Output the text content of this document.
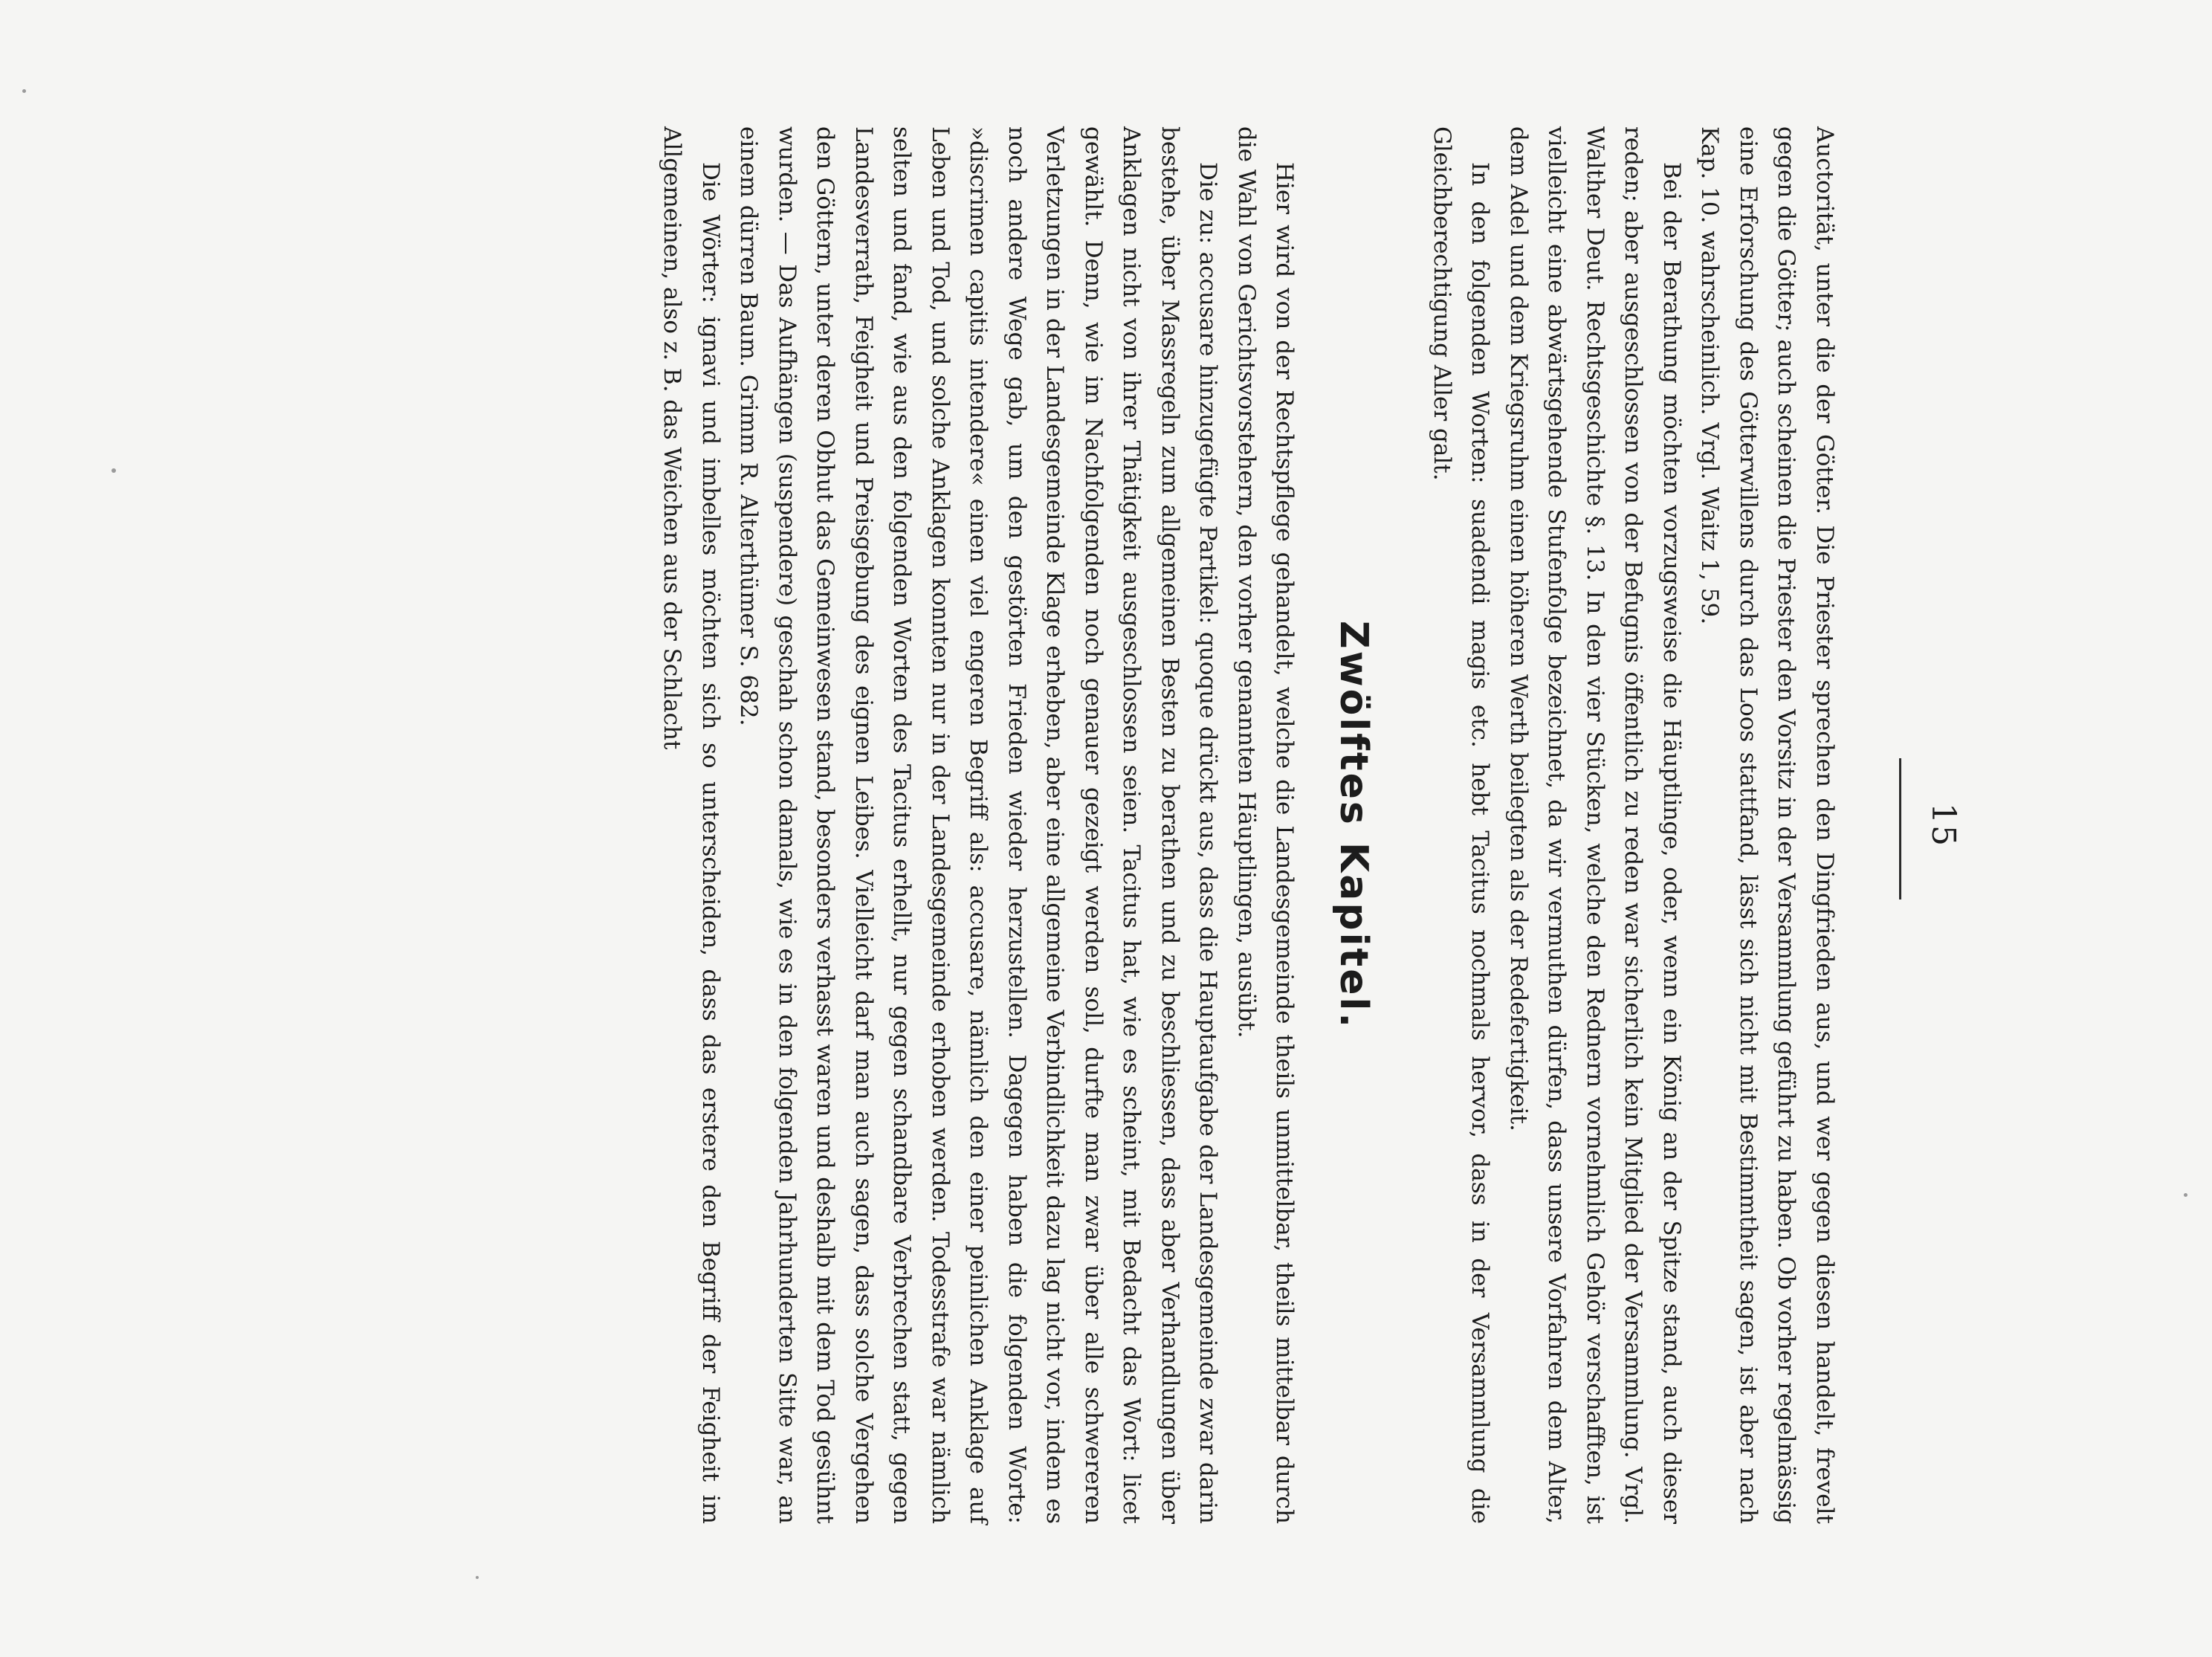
15

Auctorität, unter die der Götter. Die Priester sprechen den Dingfrieden aus, und wer gegen diesen handelt, frevelt gegen die Götter; auch scheinen die Priester den Vorsitz in der Versammlung geführt zu haben. Ob vorher regelmässig eine Erforschung des Götterwillens durch das Loos stattfand, lässt sich nicht mit Bestimmtheit sagen, ist aber nach Kap. 10. wahrscheinlich. Vrgl. Waitz 1, 59.

Bei der Berathung möchten vorzugsweise die Häuptlinge, oder, wenn ein König an der Spitze stand, auch dieser reden; aber ausgeschlossen von der Befugnis öffentlich zu reden war sicherlich kein Mitglied der Versammlung. Vrgl. Walther Deut. Rechtsgeschichte §. 13. In den vier Stücken, welche den Rednern vornehmlich Gehör verschafften, ist vielleicht eine abwärtsgehende Stufenfolge bezeichnet, da wir vermuthen dürfen, dass unsere Vorfahren dem Alter, dem Adel und dem Kriegsruhm einen höheren Werth beilegten als der Redefertigkeit.

In den folgenden Worten: suadendi magis etc. hebt Tacitus nochmals hervor, dass in der Versammlung die Gleichberechtigung Aller galt.

Zwölftes Kapitel.

Hier wird von der Rechtspflege gehandelt, welche die Landesgemeinde theils unmittelbar, theils mittelbar durch die Wahl von Gerichtsvorstehern, den vorher genannten Häuptlingen, ausübt.

Die zu: accusare hinzugefügte Partikel: quoque drückt aus, dass die Hauptaufgabe der Landesgemeinde zwar darin bestehe, über Massregeln zum allgemeinen Besten zu berathen und zu beschliessen, dass aber Verhandlungen über Anklagen nicht von ihrer Thätigkeit ausgeschlossen seien. Tacitus hat, wie es scheint, mit Bedacht das Wort: licet gewählt. Denn, wie im Nachfolgenden noch genauer gezeigt werden soll, durfte man zwar über alle schwereren Verletzungen in der Landesgemeinde Klage erheben, aber eine allgemeine Verbindlichkeit dazu lag nicht vor, indem es noch andere Wege gab, um den gestörten Frieden wieder herzustellen. Dagegen haben die folgenden Worte: »discrimen capitis intendere« einen viel engeren Begriff als: accusare, nämlich den einer peinlichen Anklage auf Leben und Tod, und solche Anklagen konnten nur in der Landesgemeinde erhoben werden. Todesstrafe war nämlich selten und fand, wie aus den folgenden Worten des Tacitus erhellt, nur gegen schandbare Verbrechen statt, gegen Landesverrath, Feigheit und Preisgebung des eignen Leibes. Vielleicht darf man auch sagen, dass solche Vergehen den Göttern, unter deren Obhut das Gemeinwesen stand, besonders verhasst waren und deshalb mit dem Tod gesühnt wurden. — Das Aufhängen (suspendere) geschah schon damals, wie es in den folgenden Jahrhunderten Sitte war, an einem dürren Baum. Grimm R. Alterthümer S. 682.

Die Wörter: ignavi und imbelles möchten sich so unterscheiden, dass das erstere den Begriff der Feigheit im Allgemeinen, also z. B. das Weichen aus der Schlacht
